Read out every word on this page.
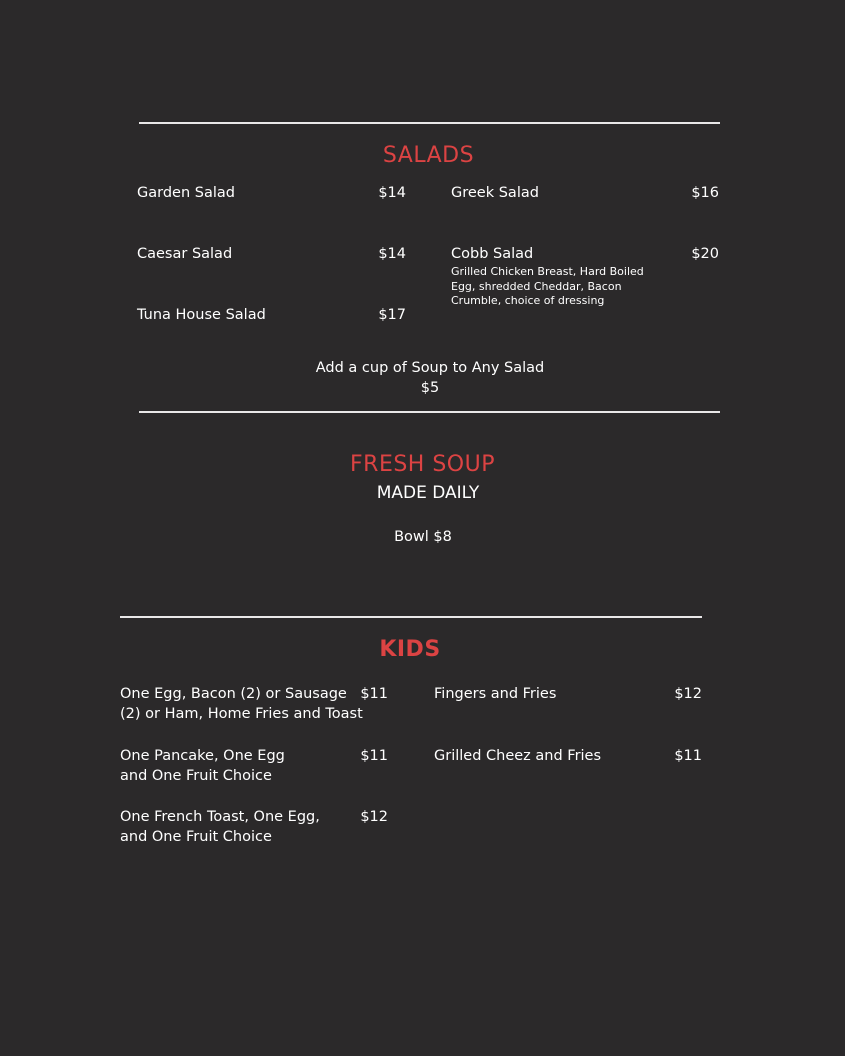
SALADS
Garden Salad	$14
Caesar Salad	$14
Tuna House Salad	$17
Greek Salad	$16
Cobb Salad	$20
Grilled Chicken Breast, Hard Boiled Egg, shredded Cheddar, Bacon Crumble, choice of dressing
Add a cup of Soup to Any Salad
$5
FRESH SOUP
MADE DAILY
Bowl $8
KIDS
One Egg, Bacon (2) or Sausage (2) or Ham, Home Fries and Toast
$11
One Pancake, One Egg and One Fruit Choice
$11
One French Toast, One Egg, and One Fruit Choice
$12
Fingers and Fries	$12
Grilled Cheez and Fries	$11
